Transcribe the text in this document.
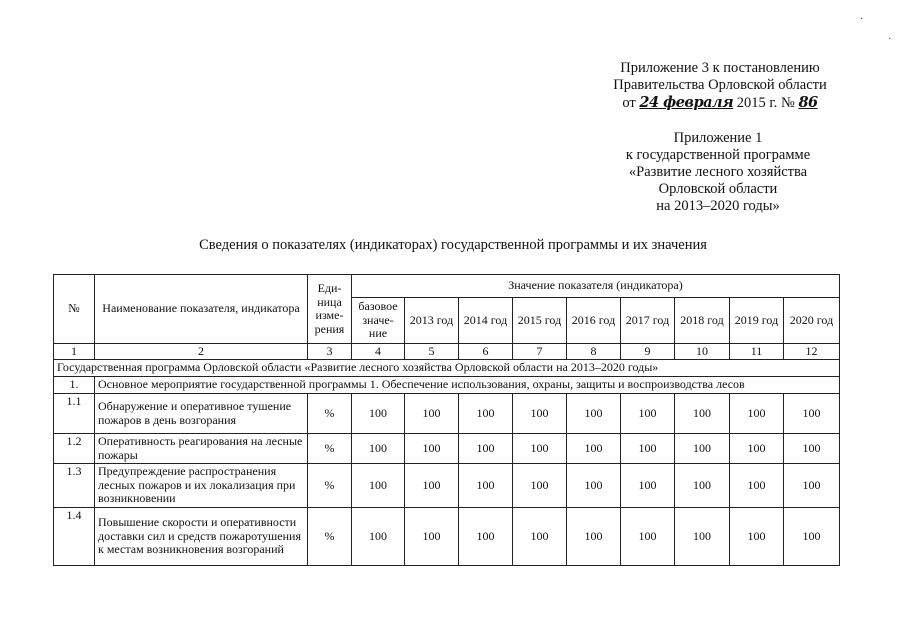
Приложение 3 к постановлению
Правительства Орловской области
от 24 февраля 2015 г. № 86
Приложение 1
к государственной программе
«Развитие лесного хозяйства
Орловской области
на 2013–2020 годы»
Сведения о показателях (индикаторах) государственной программы и их значения
№	Наименование показателя, индикатора	Еди-ница изме-рения	Значение показателя (индикатора)								
			базовое значе-ние	2013 год	2014 год	2015 год	2016 год	2017 год	2018 год	2019 год	2020 год
1	2	3	4	5	6	7	8	9	10	11	12
Государственная программа Орловской области «Развитие лесного хозяйства Орловской области на 2013–2020 годы»											
1.	Основное мероприятие государственной программы 1. Обеспечение использования, охраны, защиты и воспроизводства лесов										
1.1	Обнаружение и оперативное тушение пожаров в день возгорания	%	100	100	100	100	100	100	100	100	100
1.2	Оперативность реагирования на лесные пожары	%	100	100	100	100	100	100	100	100	100
1.3	Предупреждение распространения лесных пожаров и их локализация при возникновении	%	100	100	100	100	100	100	100	100	100
1.4	Повышение скорости и оперативности доставки сил и средств пожаротушения к местам возникновения возгораний	%	100	100	100	100	100	100	100	100	100
·
·
